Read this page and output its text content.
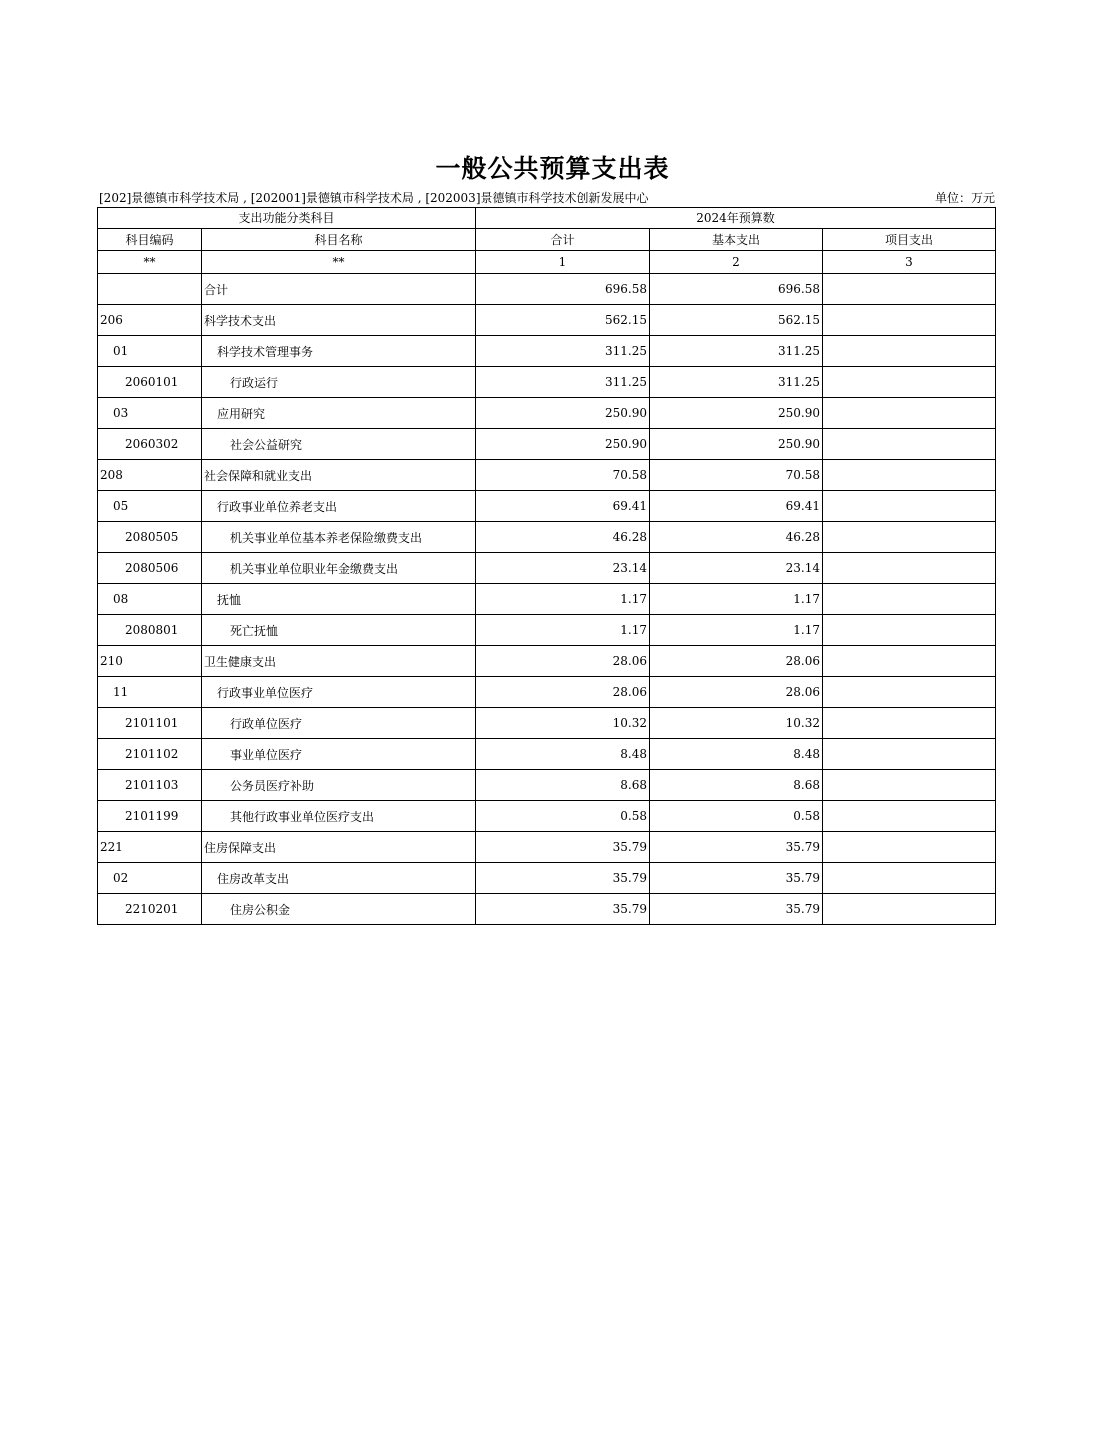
一般公共预算支出表
[202]景德镇市科学技术局 , [202001]景德镇市科学技术局 , [202003]景德镇市科学技术创新发展中心	单位：万元
支出功能分类科目		2024年预算数		
科目编码	科目名称	合计	基本支出	项目支出
**	**	1	2	3
	合计	696.58	696.58	
206	科学技术支出	562.15	562.15	
01	科学技术管理事务	311.25	311.25	
2060101	行政运行	311.25	311.25	
03	应用研究	250.90	250.90	
2060302	社会公益研究	250.90	250.90	
208	社会保障和就业支出	70.58	70.58	
05	行政事业单位养老支出	69.41	69.41	
2080505	机关事业单位基本养老保险缴费支出	46.28	46.28	
2080506	机关事业单位职业年金缴费支出	23.14	23.14	
08	抚恤	1.17	1.17	
2080801	死亡抚恤	1.17	1.17	
210	卫生健康支出	28.06	28.06	
11	行政事业单位医疗	28.06	28.06	
2101101	行政单位医疗	10.32	10.32	
2101102	事业单位医疗	8.48	8.48	
2101103	公务员医疗补助	8.68	8.68	
2101199	其他行政事业单位医疗支出	0.58	0.58	
221	住房保障支出	35.79	35.79	
02	住房改革支出	35.79	35.79	
2210201	住房公积金	35.79	35.79	
